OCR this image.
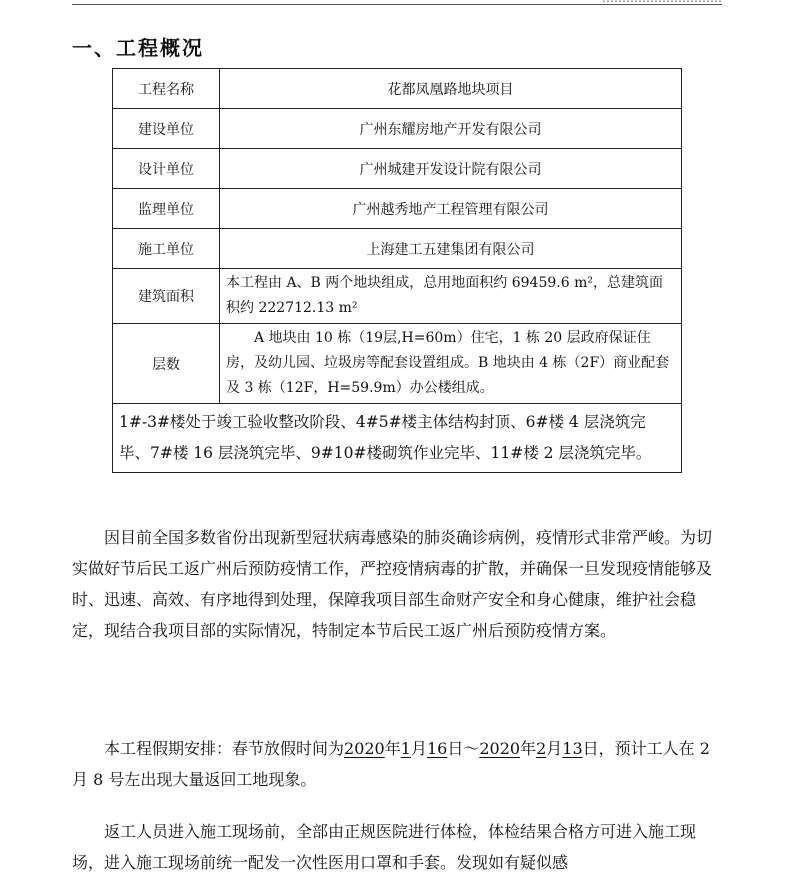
一、工程概况
工程名称	花都凤凰路地块项目
建设单位	广州东耀房地产开发有限公司
设计单位	广州城建开发设计院有限公司
监理单位	广州越秀地产工程管理有限公司
施工单位	上海建工五建集团有限公司
建筑面积	本工程由 A、B 两个地块组成，总用地面积约 69459.6 m²，总建筑面积约 222712.13 m²
层数	A 地块由 10 栋（19层,H=60m）住宅，1 栋 20 层政府保证住房，及幼儿园、垃圾房等配套设置组成。B 地块由 4 栋（2F）商业配套及 3 栋（12F，H=59.9m）办公楼组成。
1#-3#楼处于竣工验收整改阶段、4#5#楼主体结构封顶、6#楼 4 层浇筑完毕、7#楼 16 层浇筑完毕、9#10#楼砌筑作业完毕、11#楼 2 层浇筑完毕。	

因目前全国多数省份出现新型冠状病毒感染的肺炎确诊病例，疫情形式非常严峻。为切实做好节后民工返广州后预防疫情工作，严控疫情病毒的扩散，并确保一旦发现疫情能够及时、迅速、高效、有序地得到处理，保障我项目部生命财产安全和身心健康，维护社会稳定，现结合我项目部的实际情况，特制定本节后民工返广州后预防疫情方案。

本工程假期安排：春节放假时间为2020年1月16日～2020年2月13日，预计工人在 2 月 8 号左出现大量返回工地现象。

返工人员进入施工现场前，全部由正规医院进行体检，体检结果合格方可进入施工现场，进入施工现场前统一配发一次性医用口罩和手套。发现如有疑似感
